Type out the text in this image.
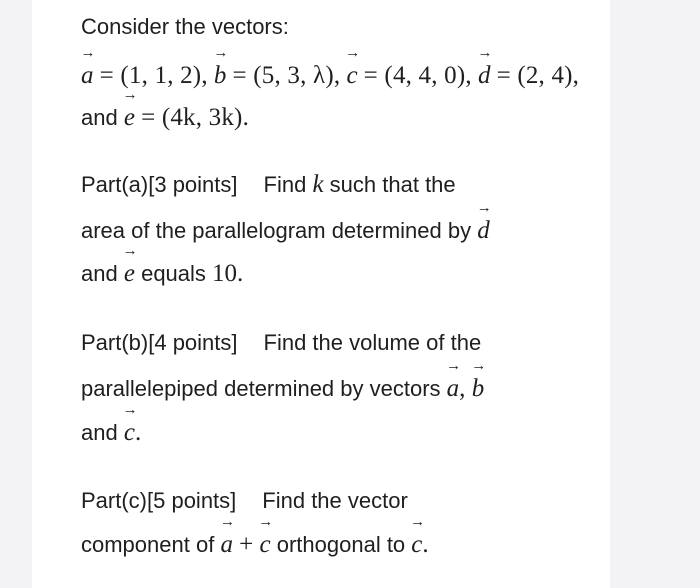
Consider the vectors:
→ a = (1, 1, 2), → b = (5, 3, λ), → c = (4, 4, 0), → d = (2, 4),
and → e = (4k, 3k).
Part(a)[3 points] Find k such that the
area of the parallelogram determined by → d
and → e equals 10.
Part(b)[4 points] Find the volume of the
parallelepiped determined by vectors → a, → b
and → c.
Part(c)[5 points] Find the vector
component of → a + → c orthogonal to → c.
